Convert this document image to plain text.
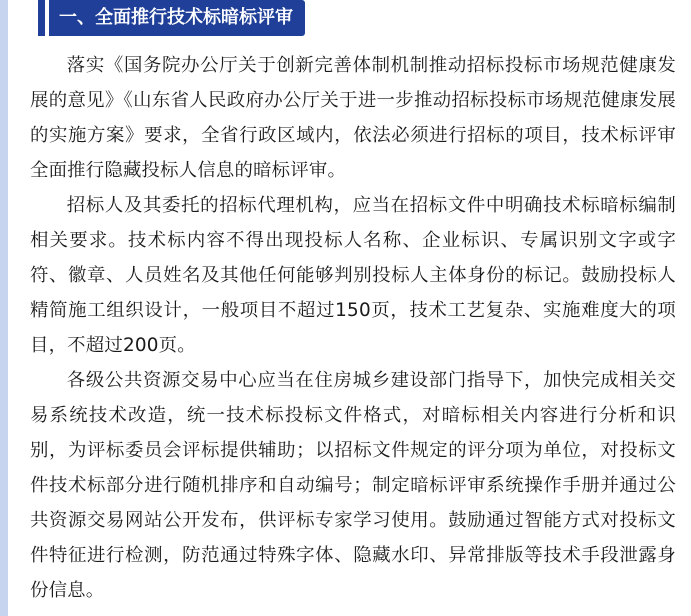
一、全面推行技术标暗标评审

落实《国务院办公厅关于创新完善体制机制推动招标投标市场规范健康发展的意见》《山东省人民政府办公厅关于进一步推动招标投标市场规范健康发展的实施方案》要求，全省行政区域内，依法必须进行招标的项目，技术标评审全面推行隐藏投标人信息的暗标评审。

招标人及其委托的招标代理机构，应当在招标文件中明确技术标暗标编制相关要求。技术标内容不得出现投标人名称、企业标识、专属识别文字或字符、徽章、人员姓名及其他任何能够判别投标人主体身份的标记。鼓励投标人精简施工组织设计，一般项目不超过150页，技术工艺复杂、实施难度大的项目，不超过200页。

各级公共资源交易中心应当在住房城乡建设部门指导下，加快完成相关交易系统技术改造，统一技术标投标文件格式，对暗标相关内容进行分析和识别，为评标委员会评标提供辅助；以招标文件规定的评分项为单位，对投标文件技术标部分进行随机排序和自动编号；制定暗标评审系统操作手册并通过公共资源交易网站公开发布，供评标专家学习使用。鼓励通过智能方式对投标文件特征进行检测，防范通过特殊字体、隐藏水印、异常排版等技术手段泄露身份信息。
